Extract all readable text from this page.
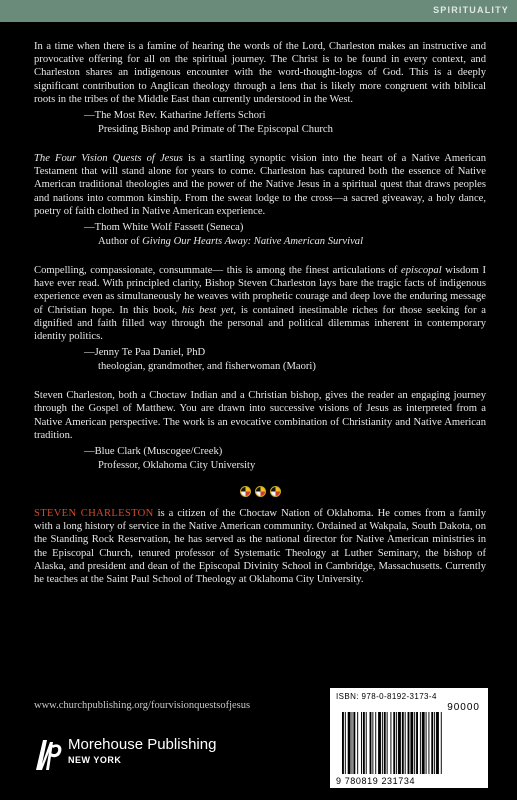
SPIRITUALITY

In a time when there is a famine of hearing the words of the Lord, Charleston makes an instructive and provocative offering for all on the spiritual journey. The Christ is to be found in every context, and Charleston shares an indigenous encounter with the word-thought-logos of God. This is a deeply significant contribution to Anglican theology through a lens that is likely more congruent with biblical roots in the tribes of the Middle East than currently understood in the West.

—The Most Rev. Katharine Jefferts Schori
Presiding Bishop and Primate of The Episcopal Church

The Four Vision Quests of Jesus is a startling synoptic vision into the heart of a Native American Testament that will stand alone for years to come. Charleston has captured both the essence of Native American traditional theologies and the power of the Native Jesus in a spiritual quest that draws peoples and nations into common kinship. From the sweat lodge to the cross—a sacred giveaway, a holy dance, poetry of faith clothed in Native American experience.

—Thom White Wolf Fassett (Seneca)
Author of Giving Our Hearts Away: Native American Survival

Compelling, compassionate, consummate— this is among the finest articulations of episcopal wisdom I have ever read. With principled clarity, Bishop Steven Charleston lays bare the tragic facts of indigenous experience even as simultaneously he weaves with prophetic courage and deep love the enduring message of Christian hope. In this book, his best yet, is contained inestimable riches for those seeking for a dignified and faith filled way through the personal and political dilemmas inherent in contemporary identity politics.

—Jenny Te Paa Daniel, PhD
theologian, grandmother, and fisherwoman (Maori)

Steven Charleston, both a Choctaw Indian and a Christian bishop, gives the reader an engaging journey through the Gospel of Matthew. You are drawn into successive visions of Jesus as interpreted from a Native American perspective. The work is an evocative combination of Christianity and Native American tradition.

—Blue Clark (Muscogee/Creek)
Professor, Oklahoma City University

STEVEN CHARLESTON is a citizen of the Choctaw Nation of Oklahoma. He comes from a family with a long history of service in the Native American community. Ordained at Wakpala, South Dakota, on the Standing Rock Reservation, he has served as the national director for Native American ministries in the Episcopal Church, tenured professor of Systematic Theology at Luther Seminary, the bishop of Alaska, and president and dean of the Episcopal Divinity School in Cambridge, Massachusetts. Currently he teaches at the Saint Paul School of Theology at Oklahoma City University.

www.churchpublishing.org/fourvisionquestsofjesus
Morehouse Publishing
NEW YORK
ISBN: 978-0-8192-3173-4
90000
9 780819 231734
